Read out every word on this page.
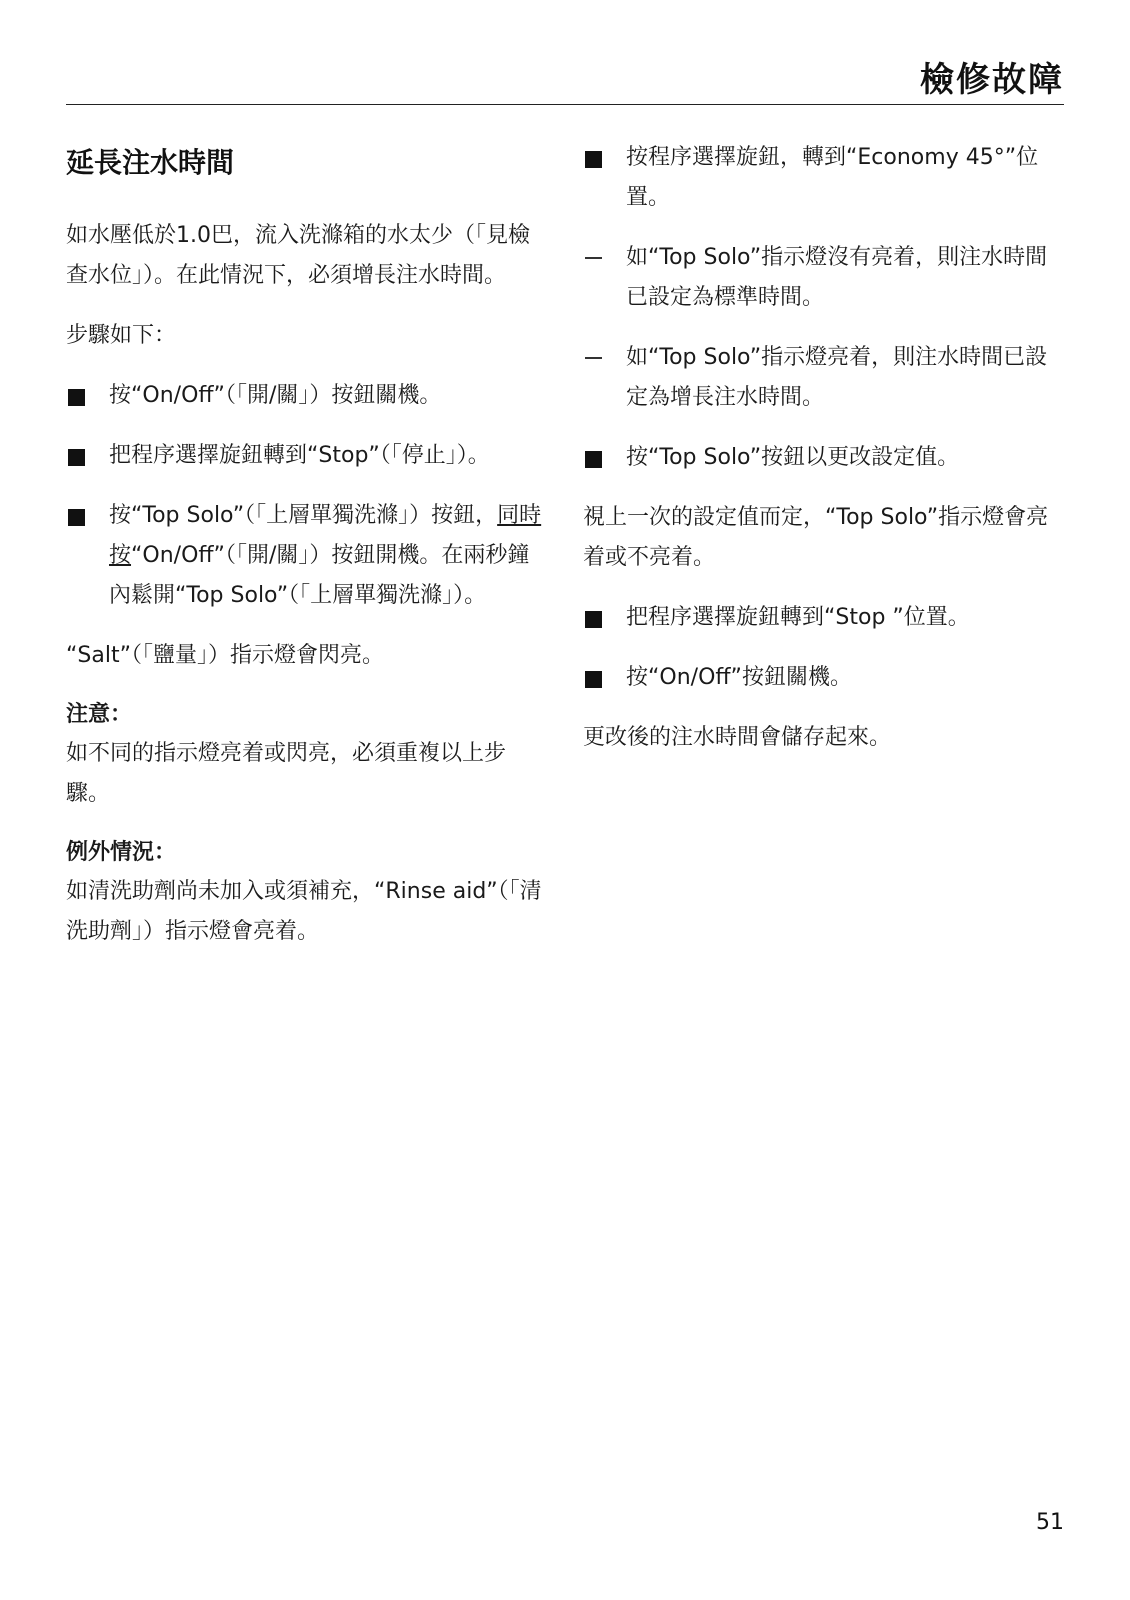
檢修故障
延長注水時間

如水壓低於1.0巴，流入洗滌箱的水太少（「見檢查水位」）。在此情況下，必須增長注水時間。

步驟如下：

按“On/Off”（「開/關」）按鈕關機。

把程序選擇旋鈕轉到“Stop”（「停止」）。

按“Top Solo”（「上層單獨洗滌」）按鈕，同時按“On/Off”（「開/關」）按鈕開機。在兩秒鐘內鬆開“Top Solo”（「上層單獨洗滌」）。

“Salt”（「鹽量」）指示燈會閃亮。

注意：

如不同的指示燈亮着或閃亮，必須重複以上步驟。

例外情況：

如清洗助劑尚未加入或須補充，“Rinse aid”（「清洗助劑」）指示燈會亮着。

按程序選擇旋鈕，轉到“Economy 45°”位置。

如“Top Solo”指示燈沒有亮着，則注水時間已設定為標準時間。

如“Top Solo”指示燈亮着，則注水時間已設定為增長注水時間。

按“Top Solo”按鈕以更改設定值。

視上一次的設定值而定，“Top Solo”指示燈會亮着或不亮着。

把程序選擇旋鈕轉到“Stop ”位置。

按“On/Off”按鈕關機。

更改後的注水時間會儲存起來。

51
